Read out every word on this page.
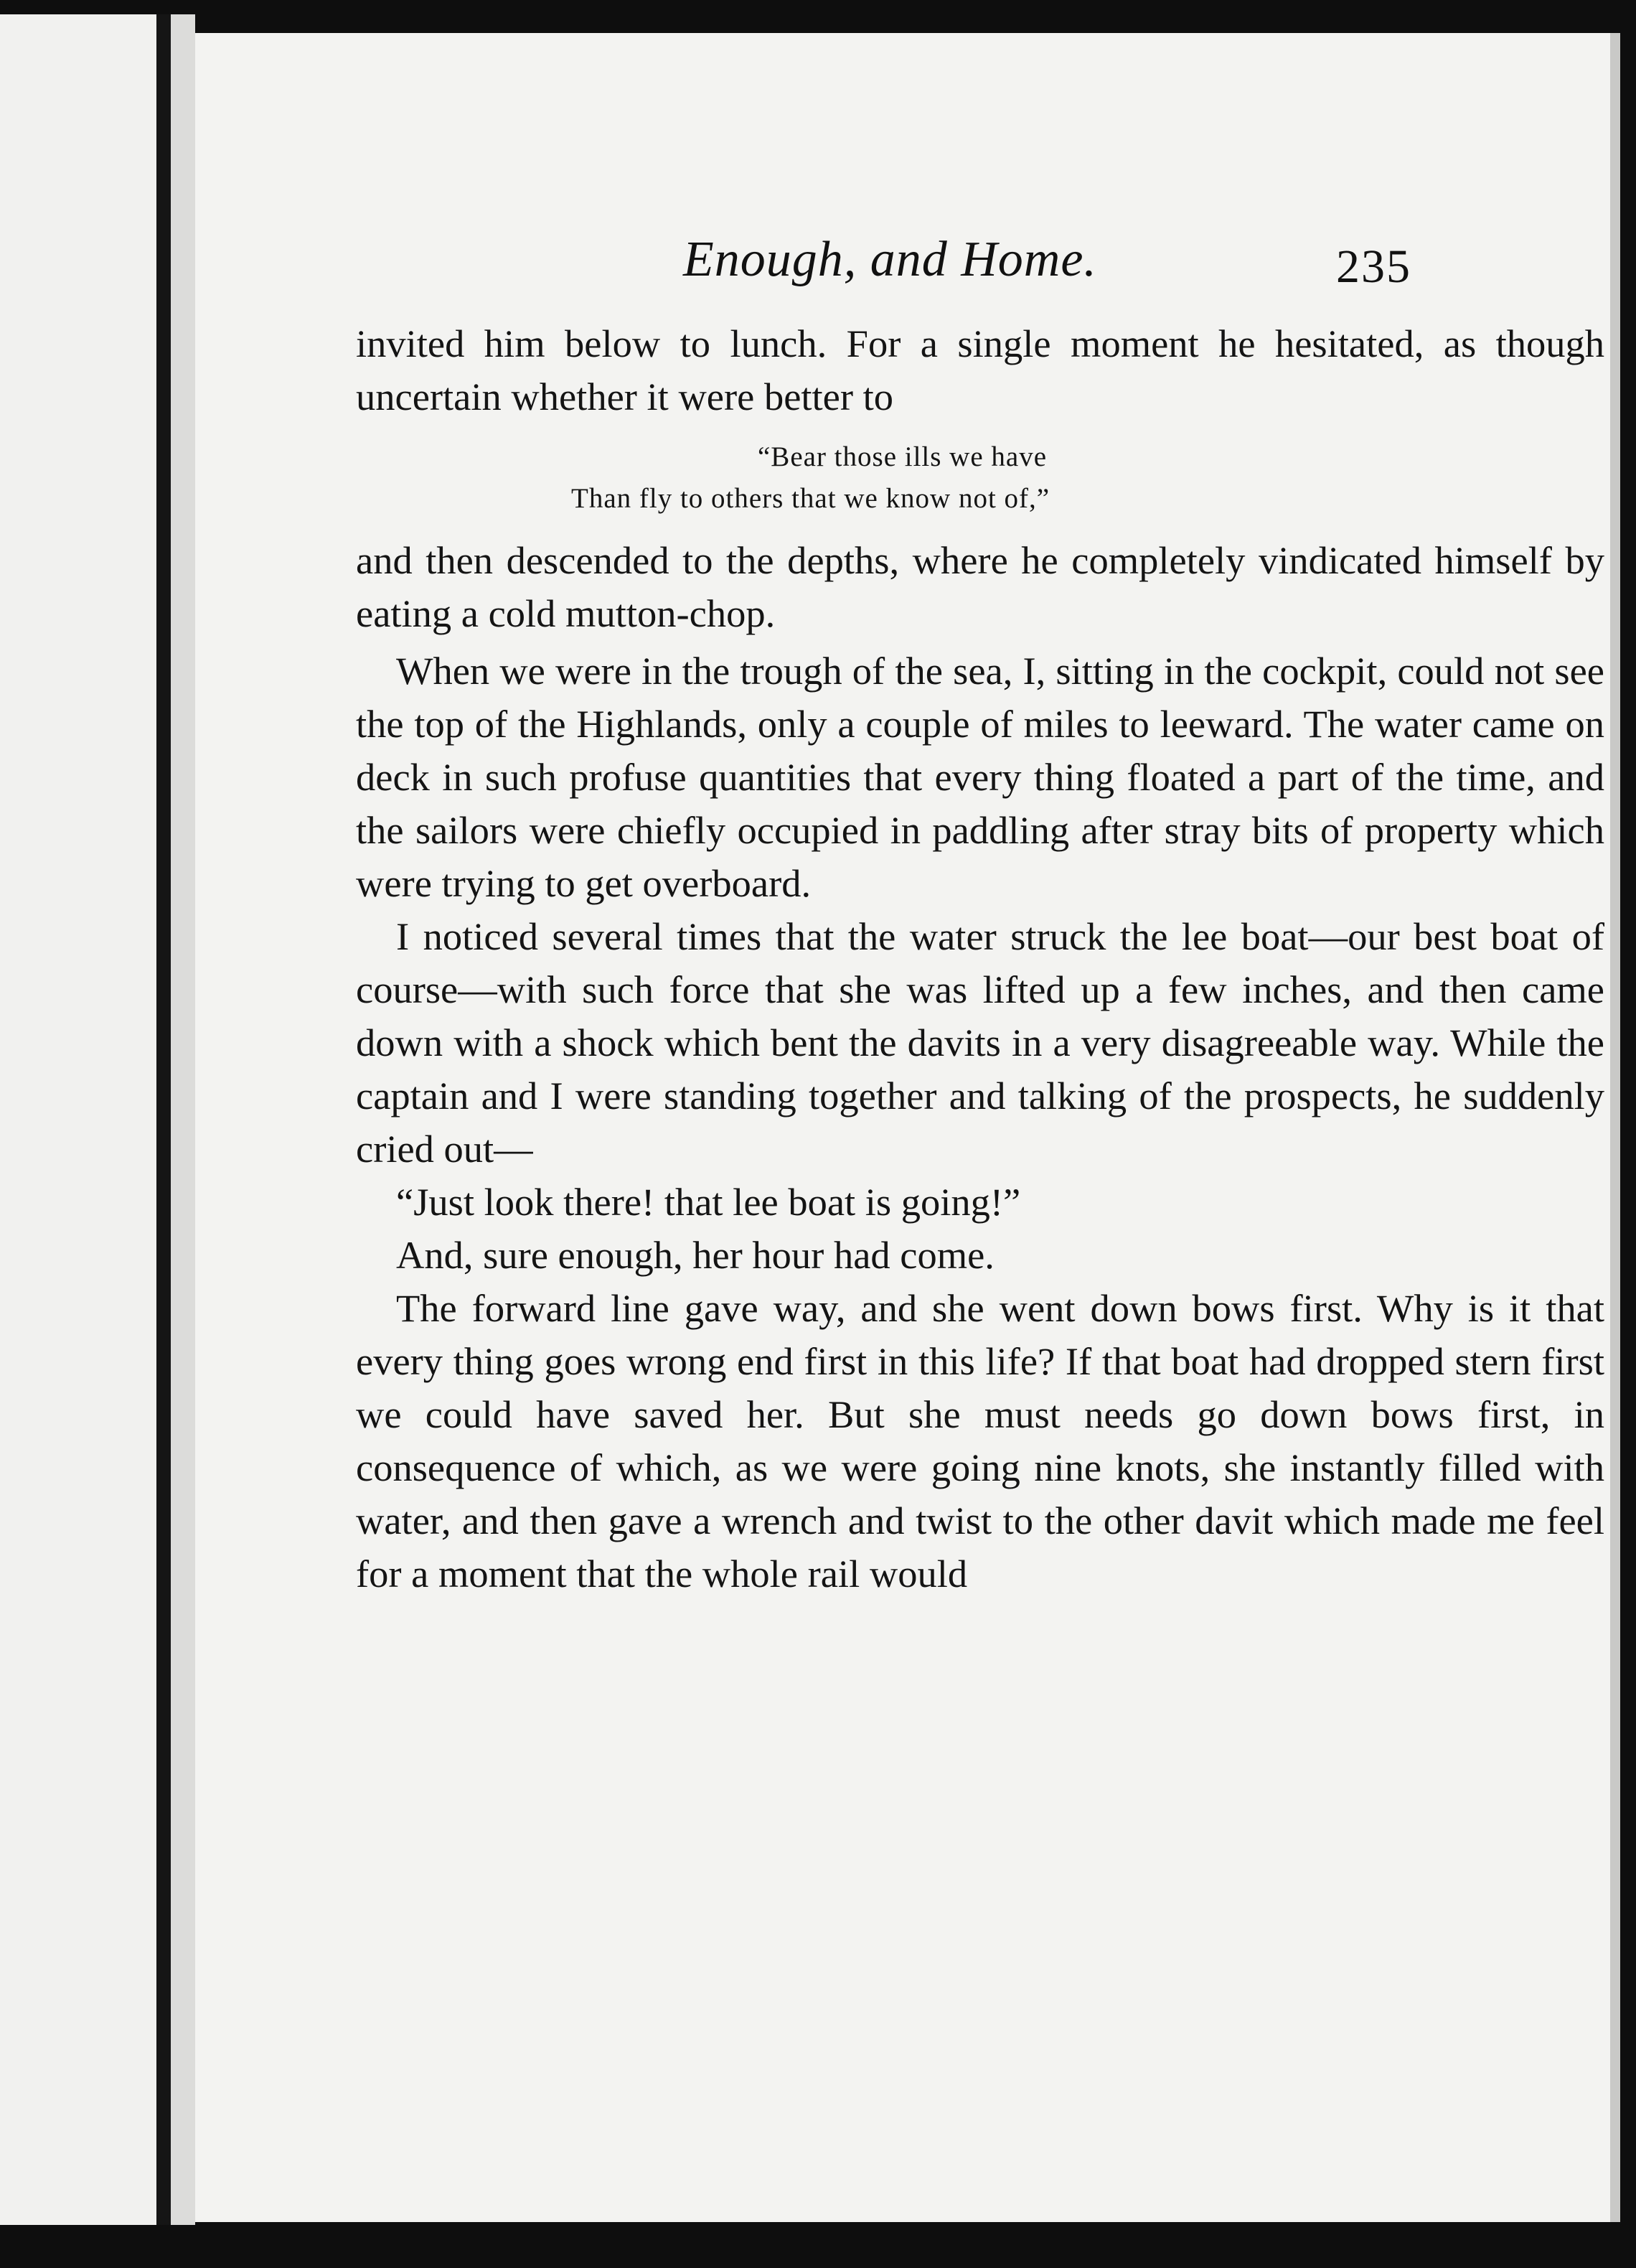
Enough, and Home.	235

invited him below to lunch. For a single moment he hesitated, as though uncertain whether it were better to

“Bear those ills we have
Than fly to others that we know not of,”

and then descended to the depths, where he completely vindicated himself by eating a cold mutton-chop.

When we were in the trough of the sea, I, sitting in the cockpit, could not see the top of the Highlands, only a couple of miles to leeward. The water came on deck in such profuse quantities that every thing floated a part of the time, and the sailors were chiefly occupied in paddling after stray bits of property which were trying to get overboard.

I noticed several times that the water struck the lee boat—our best boat of course—with such force that she was lifted up a few inches, and then came down with a shock which bent the davits in a very disagreeable way. While the captain and I were standing together and talking of the prospects, he suddenly cried out—

“Just look there! that lee boat is going!”

And, sure enough, her hour had come.

The forward line gave way, and she went down bows first. Why is it that every thing goes wrong end first in this life? If that boat had dropped stern first we could have saved her. But she must needs go down bows first, in consequence of which, as we were going nine knots, she instantly filled with water, and then gave a wrench and twist to the other davit which made me feel for a moment that the whole rail would
